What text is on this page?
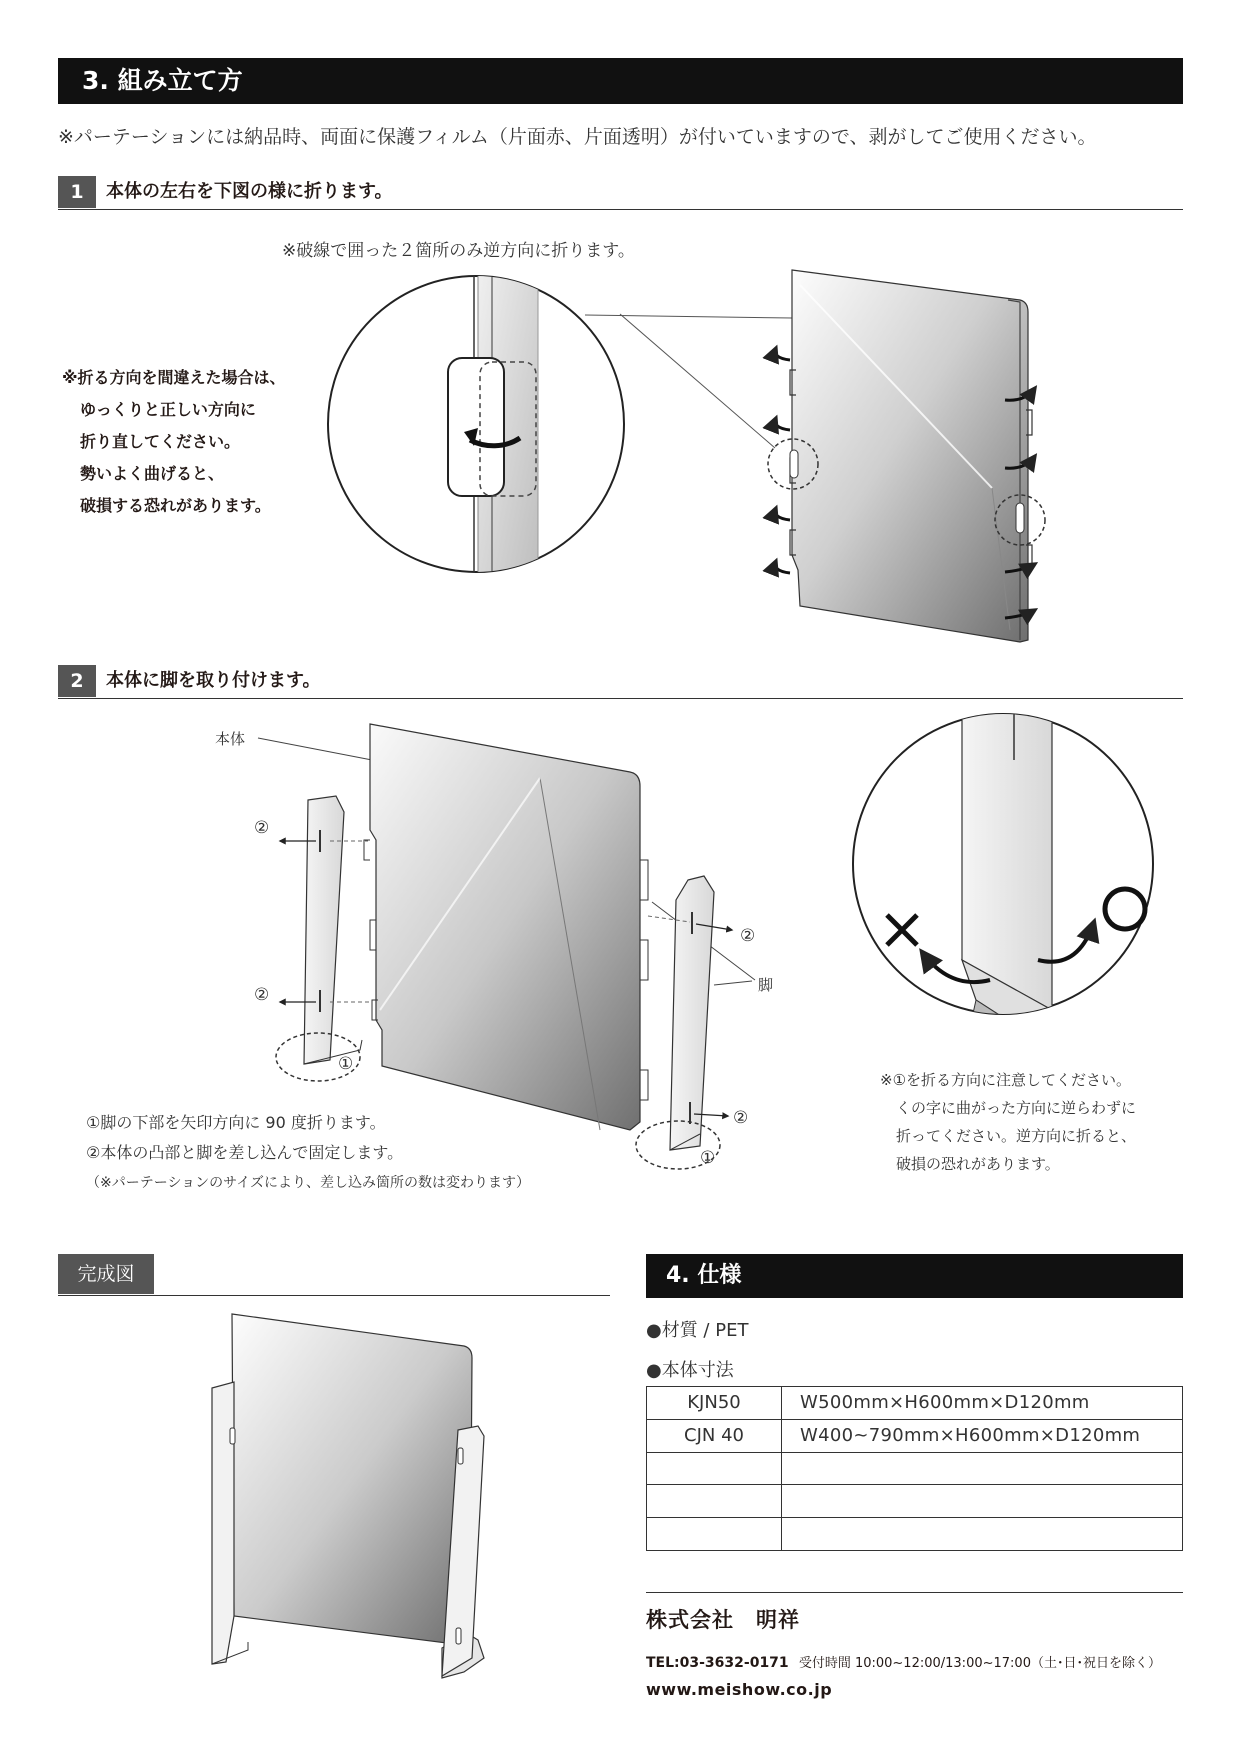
3. 組み立て方
※パーテーションには納品時、両面に保護フィルム（片面赤、片面透明）が付いていますので、剥がしてご使用ください。
1	本体の左右を下図の様に折ります。
※破線で囲った２箇所のみ逆方向に折ります。
※折る方向を間違えた場合は、
ゆっくりと正しい方向に
折り直してください。
勢いよく曲げると、
破損する恐れがあります。
2	本体に脚を取り付けます。
本体
脚
②
②
②
②
①
①
①脚の下部を矢印方向に 90 度折ります。
②本体の凸部と脚を差し込んで固定します。
（※パーテーションのサイズにより、差し込み箇所の数は変わります）
※①を折る方向に注意してください。
くの字に曲がった方向に逆らわずに
折ってください。逆方向に折ると、
破損の恐れがあります。
完成図	4. 仕様
●材質 / PET
●本体寸法
KJN50	W500mm×H600mm×D120mm
CJN 40	W400~790mm×H600mm×D120mm

株式会社　明祥
TEL:03-3632-0171 受付時間 10:00~12:00/13:00~17:00（土･日･祝日を除く）
www.meishow.co.jp
